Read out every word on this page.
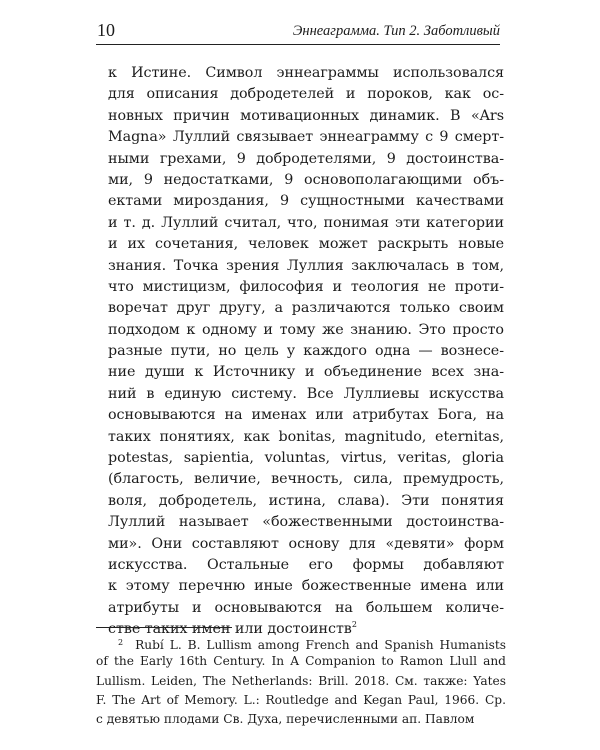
10	Эннеаграмма. Тип 2. Заботливый
к Истине. Символ эннеаграммы использовался
для описания добродетелей и пороков, как ос-
новных причин мотивационных динамик. В «Ars
Magna» Луллий связывает эннеаграмму с 9 смерт-
ными грехами, 9 добродетелями, 9 достоинства-
ми, 9 недостатками, 9 основополагающими объ-
ектами мироздания, 9 сущностными качествами
и т. д. Луллий считал, что, понимая эти категории
и их сочетания, человек может раскрыть новые
знания. Точка зрения Луллия заключалась в том,
что мистицизм, философия и теология не проти-
воречат друг другу, а различаются только своим
подходом к одному и тому же знанию. Это просто
разные пути, но цель у каждого одна — вознесе-
ние души к Источнику и объединение всех зна-
ний в единую систему. Все Луллиевы искусства
основываются на именах или атрибутах Бога, на
таких понятиях, как bonitas, magnitudo, eternitas,
potestas, sapientia, voluntas, virtus, veritas, gloria
(благость, величие, вечность, сила, премудрость,
воля, добродетель, истина, слава). Эти понятия
Луллий называет «божественными достоинства-
ми». Они составляют основу для «девяти» форм
искусства. Остальные его формы добавляют
к этому перечню иные божественные имена или
атрибуты и основываются на большем количе-
стве таких имен или достоинств$^2$
$^2$ Rubí L. B. Lullism among French and Spanish Humanists
of the Early 16th Century. In A Companion to Ramon Llull and
Lullism. Leiden, The Netherlands: Brill. 2018. См. также: Yates
F. The Art of Memory. L.: Routledge and Kegan Paul, 1966. Ср.
с девятью плодами Св. Духа, перечисленными ап. Павлом
